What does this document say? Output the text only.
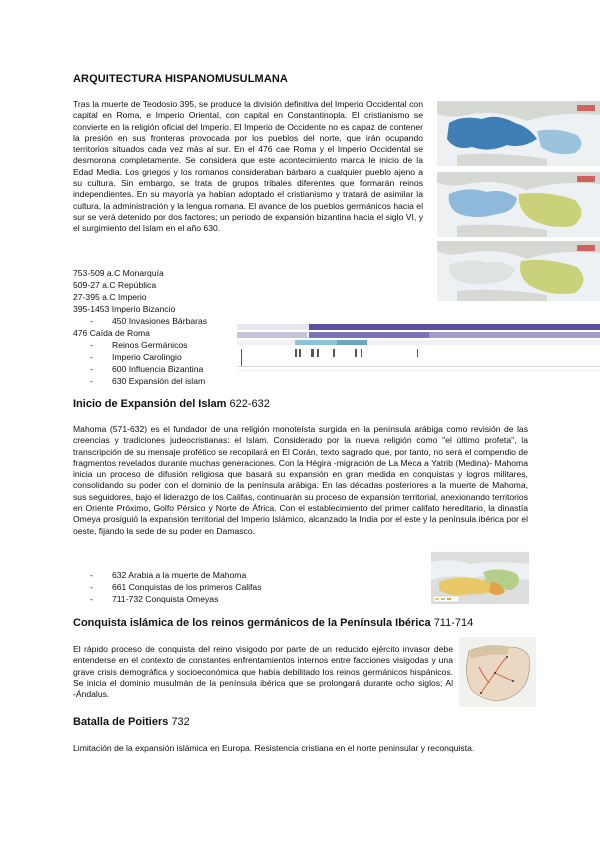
ARQUITECTURA HISPANOMUSULMANA

Tras la muerte de Teodosio 395, se produce la división definitiva del Imperio Occidental con capital en Roma, e Imperio Oriental, con capital en Constantinopla. El cristianismo se convierte en la religión oficial del Imperio. El Imperio de Occidente no es capaz de contener la presión en sus fronteras provocada por los pueblos del norte, que irán ocupando territorios situados cada vez más al sur. En el 476 cae Roma y el Imperio Occidental se desmorona completamente. Se considera que este acontecimiento marca le inicio de la Edad Media. Los griegos y los romanos consideraban bárbaro a cualquier pueblo ajeno a su cultura. Sin embargo, se trata de grupos tribales diferentes que formarán reinos independientes. En su mayoría ya habían adoptado el cristianismo y tratará de asimilar la cultura, la administración y la lengua romana. El avance de los pueblos germánicos hacia el sur se verá detenido por dos factores; un periodo de expansión bizantina hacia el siglo VI, y el surgimiento del Islam en el año 630.

753-509 a.C Monarquía
509-27 a.C República
27-395 a.C Imperio
395-1453 Imperio Bizancio
- 450 Invasiones Bárbaras
476 Caída de Roma
- Reinos Germánicos
- Imperio Carolingio
- 600 Influencia Bizantina
- 630 Expansión del islam
Inicio de Expansión del Islam 622-632

Mahoma (571-632) es el fundador de una religión monoteísta surgida en la península arábiga como revisión de las creencias y tradiciones judeocristianas: el Islam. Considerado por la nueva religión como "el último profeta", la transcripción de su mensaje profético se recopilará en El Corán, texto sagrado que, por tanto, no será el compendio de fragmentos revelados durante muchas generaciones. Con la Hégira -migración de La Meca a Yatrib (Medina)- Mahoma inicia un proceso de difusión religiosa que basará su expansión en gran medida en conquistas y logros militares, consolidando su poder con el dominio de la península arábiga. En las décadas posteriores a la muerte de Mahoma, sus seguidores, bajo el liderazgo de los Califas, continuarán su proceso de expansión territorial, anexionando territorios en Oriente Próximo, Golfo Pérsico y Norte de África. Con el establecimiento del primer califato hereditario, la dinastía Omeya prosiguió la expansión territorial del Imperio Islámico, alcanzado la India por el este y la península ibérica por el oeste, fijando la sede de su poder en Damasco.

- 632 Arabia a la muerte de Mahoma
- 661 Conquistas de los primeros Califas
- 711-732 Conquista Omeyas
Conquista islámica de los reinos germánicos de la Península Ibérica 711-714

El rápido proceso de conquista del reino visigodo por parte de un reducido ejército invasor debe entenderse en el contexto de constantes enfrentamientos internos entre facciones visigodas y una grave crisis demográfica y socioeconómica que había debilitado los reinos germánicos hispánicos. Se inicia el dominio musulmán de la península ibérica que se prolongará durante ocho siglos; Al -Ándalus.

Batalla de Poitiers 732

Limitación de la expansión islámica en Europa. Resistencia cristiana en el norte peninsular y reconquista.
